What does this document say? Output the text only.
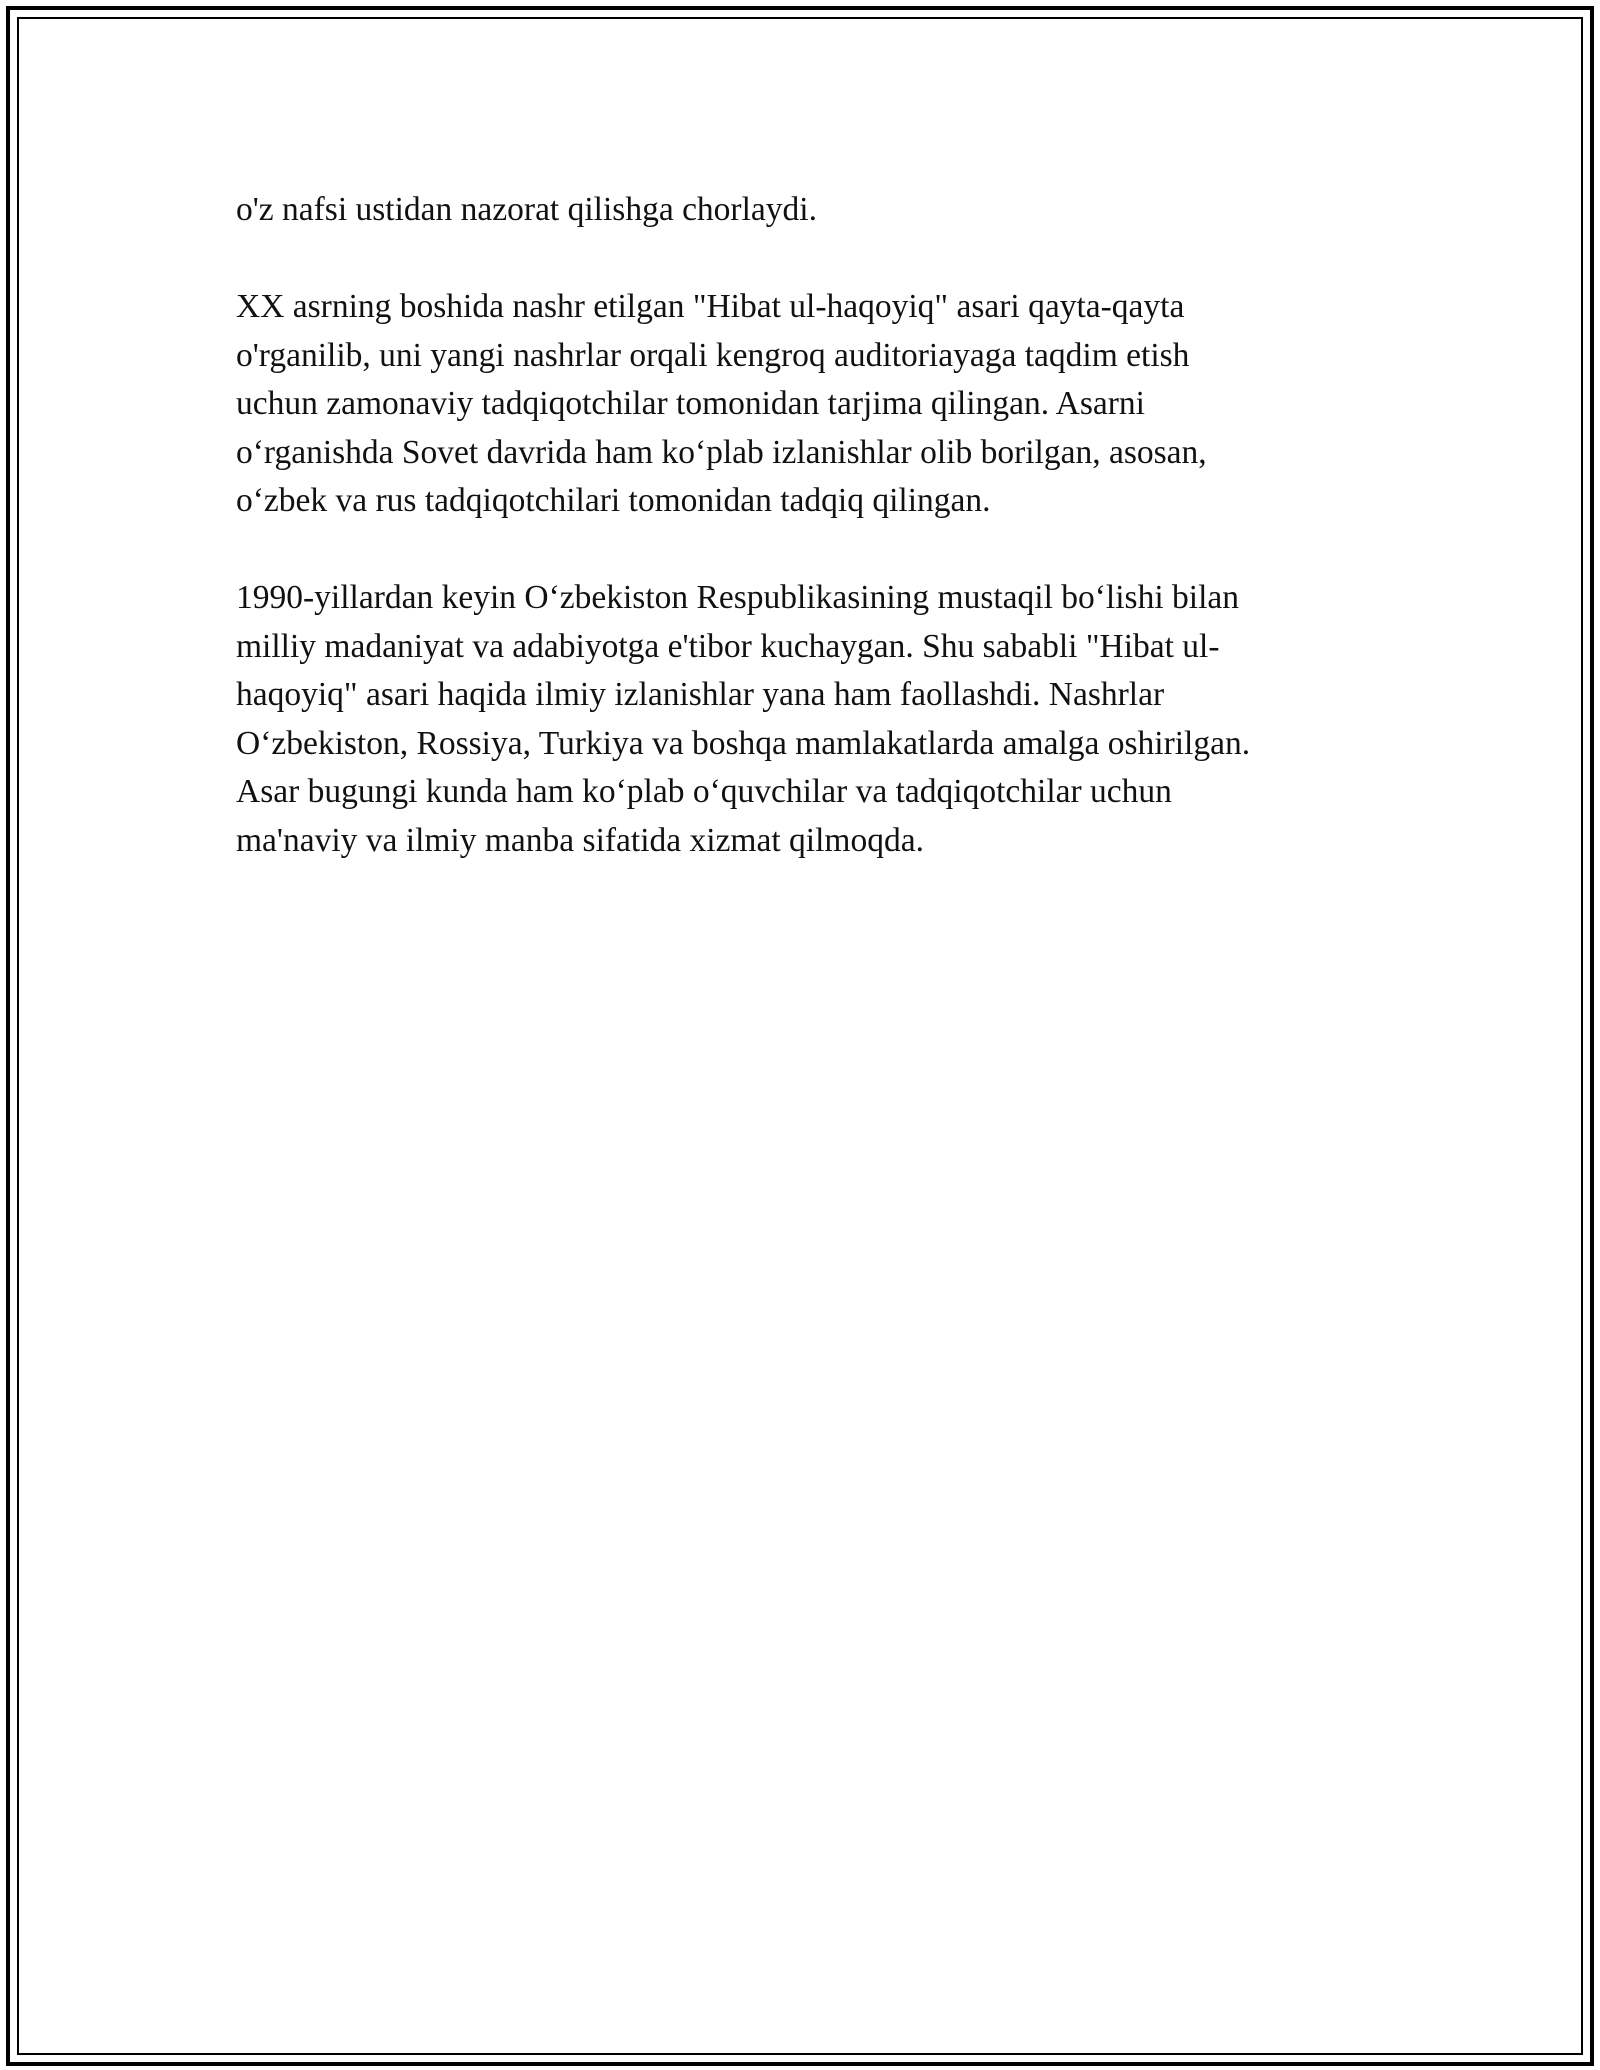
o'z nafsi ustidan nazorat qilishga chorlaydi.

XX asrning boshida nashr etilgan "Hibat ul-haqoyiq" asari qayta-qayta
o'rganilib, uni yangi nashrlar orqali kengroq auditoriayaga taqdim etish
uchun zamonaviy tadqiqotchilar tomonidan tarjima qilingan. Asarni
o‘rganishda Sovet davrida ham ko‘plab izlanishlar olib borilgan, asosan,
o‘zbek va rus tadqiqotchilari tomonidan tadqiq qilingan.

1990-yillardan keyin O‘zbekiston Respublikasining mustaqil bo‘lishi bilan
milliy madaniyat va adabiyotga e'tibor kuchaygan. Shu sababli "Hibat ul-
haqoyiq" asari haqida ilmiy izlanishlar yana ham faollashdi. Nashrlar
O‘zbekiston, Rossiya, Turkiya va boshqa mamlakatlarda amalga oshirilgan.
Asar bugungi kunda ham ko‘plab o‘quvchilar va tadqiqotchilar uchun
ma'naviy va ilmiy manba sifatida xizmat qilmoqda.
